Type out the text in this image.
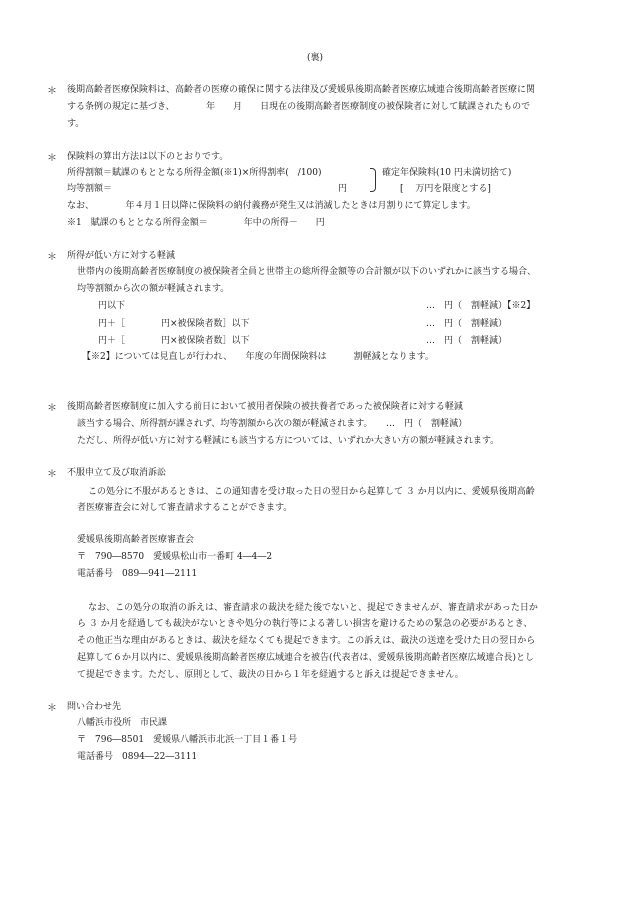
(裏)
＊ 後期高齢者医療保険料は、高齢者の医療の確保に関する法律及び愛媛県後期高齢者医療広域連合後期高齢者医療に関
する条例の規定に基づき、　　　　年　　月　　日現在の後期高齢者医療制度の被保険者に対して賦課されたもので
す。
＊ 保険料の算出方法は以下のとおりです。
所得割額＝賦課のもととなる所得金額(※1)×所得割率(　/100)	確定年保険料(10 円未満切捨て)
均等割額＝	円	[　 万円を限度とする]
なお、　　　　年４月１日以降に保険料の納付義務が発生又は消滅したときは月割りにて算定します。
※1　賦課のもととなる所得金額＝　　　　年中の所得－　　円
＊ 所得が低い方に対する軽減
世帯内の後期高齢者医療制度の被保険者全員と世帯主の総所得金額等の合計額が以下のいずれかに該当する場合、
均等割額から次の額が軽減されます。
円以下	…　円（　割軽減）【※2】
円＋［　　　　円×被保険者数］以下	…　円（　割軽減）
円＋［　　　　円×被保険者数］以下	…　円（　割軽減）
【※2】については見直しが行われ、　　年度の年間保険料は　　　割軽減となります。
＊ 後期高齢者医療制度に加入する前日において被用者保険の被扶養者であった被保険者に対する軽減
該当する場合、所得割が課されず、均等割額から次の額が軽減されます。　　…　円（　割軽減）
ただし、所得が低い方に対する軽減にも該当する方については、いずれか大きい方の額が軽減されます。
＊ 不服申立て及び取消訴訟
この処分に不服があるときは、この通知書を受け取った日の翌日から起算して ３ か月以内に、愛媛県後期高齢
者医療審査会に対して審査請求することができます。
愛媛県後期高齢者医療審査会
〒　790―8570　愛媛県松山市一番町 4―4―2
電話番号　089―941―2111
なお、この処分の取消の訴えは、審査請求の裁決を経た後でないと、提起できませんが、審査請求があった日か
ら ３ か月を経過しても裁決がないときや処分の執行等による著しい損害を避けるための緊急の必要があるとき、
その他正当な理由があるときは、裁決を経なくても提起できます。この訴えは、裁決の送達を受けた日の翌日から
起算して６か月以内に、愛媛県後期高齢者医療広域連合を被告(代表者は、愛媛県後期高齢者医療広域連合長)とし
て提起できます。ただし、原則として、裁決の日から１年を経過すると訴えは提起できません。
＊ 問い合わせ先
八幡浜市役所　市民課
〒　796―8501　愛媛県八幡浜市北浜一丁目１番１号
電話番号　0894―22―3111
